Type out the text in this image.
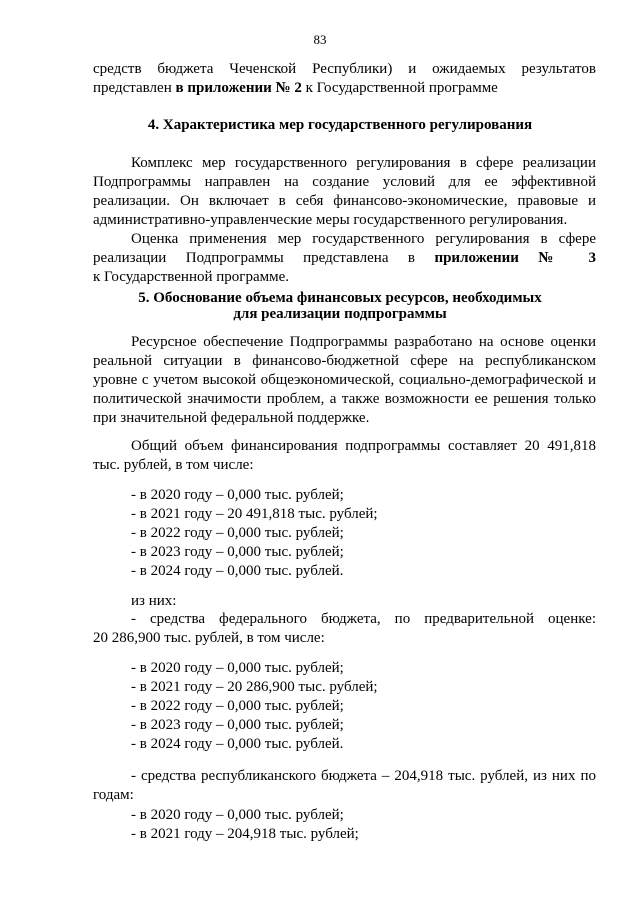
83
средств бюджета Чеченской Республики) и ожидаемых результатов
представлен в приложении № 2 к Государственной программе
4. Характеристика мер государственного регулирования
Комплекс мер государственного регулирования в сфере реализации
Подпрограммы направлен на создание условий для ее эффективной
реализации. Он включает в себя финансово-экономические, правовые и
административно-управленческие меры государственного регулирования.
Оценка применения мер государственного регулирования в сфере
реализации Подпрограммы представлена в приложении № 3
к Государственной программе.
5. Обоснование объема финансовых ресурсов, необходимых
для реализации подпрограммы
Ресурсное обеспечение Подпрограммы разработано на основе оценки
реальной ситуации в финансово-бюджетной сфере на республиканском
уровне с учетом высокой общеэкономической, социально-демографической и
политической значимости проблем, а также возможности ее решения только
при значительной федеральной поддержке.
Общий объем финансирования подпрограммы составляет 20 491,818
тыс. рублей, в том числе:
- в 2020 году – 0,000 тыс. рублей;
- в 2021 году – 20 491,818 тыс. рублей;
- в 2022 году – 0,000 тыс. рублей;
- в 2023 году – 0,000 тыс. рублей;
- в 2024 году – 0,000 тыс. рублей.
из них:
- средства федерального бюджета, по предварительной оценке:
20 286,900 тыс. рублей, в том числе:
- в 2020 году – 0,000 тыс. рублей;
- в 2021 году – 20 286,900 тыс. рублей;
- в 2022 году – 0,000 тыс. рублей;
- в 2023 году – 0,000 тыс. рублей;
- в 2024 году – 0,000 тыс. рублей.
- средства республиканского бюджета – 204,918 тыс. рублей, из них по
годам:
- в 2020 году – 0,000 тыс. рублей;
- в 2021 году – 204,918 тыс. рублей;
